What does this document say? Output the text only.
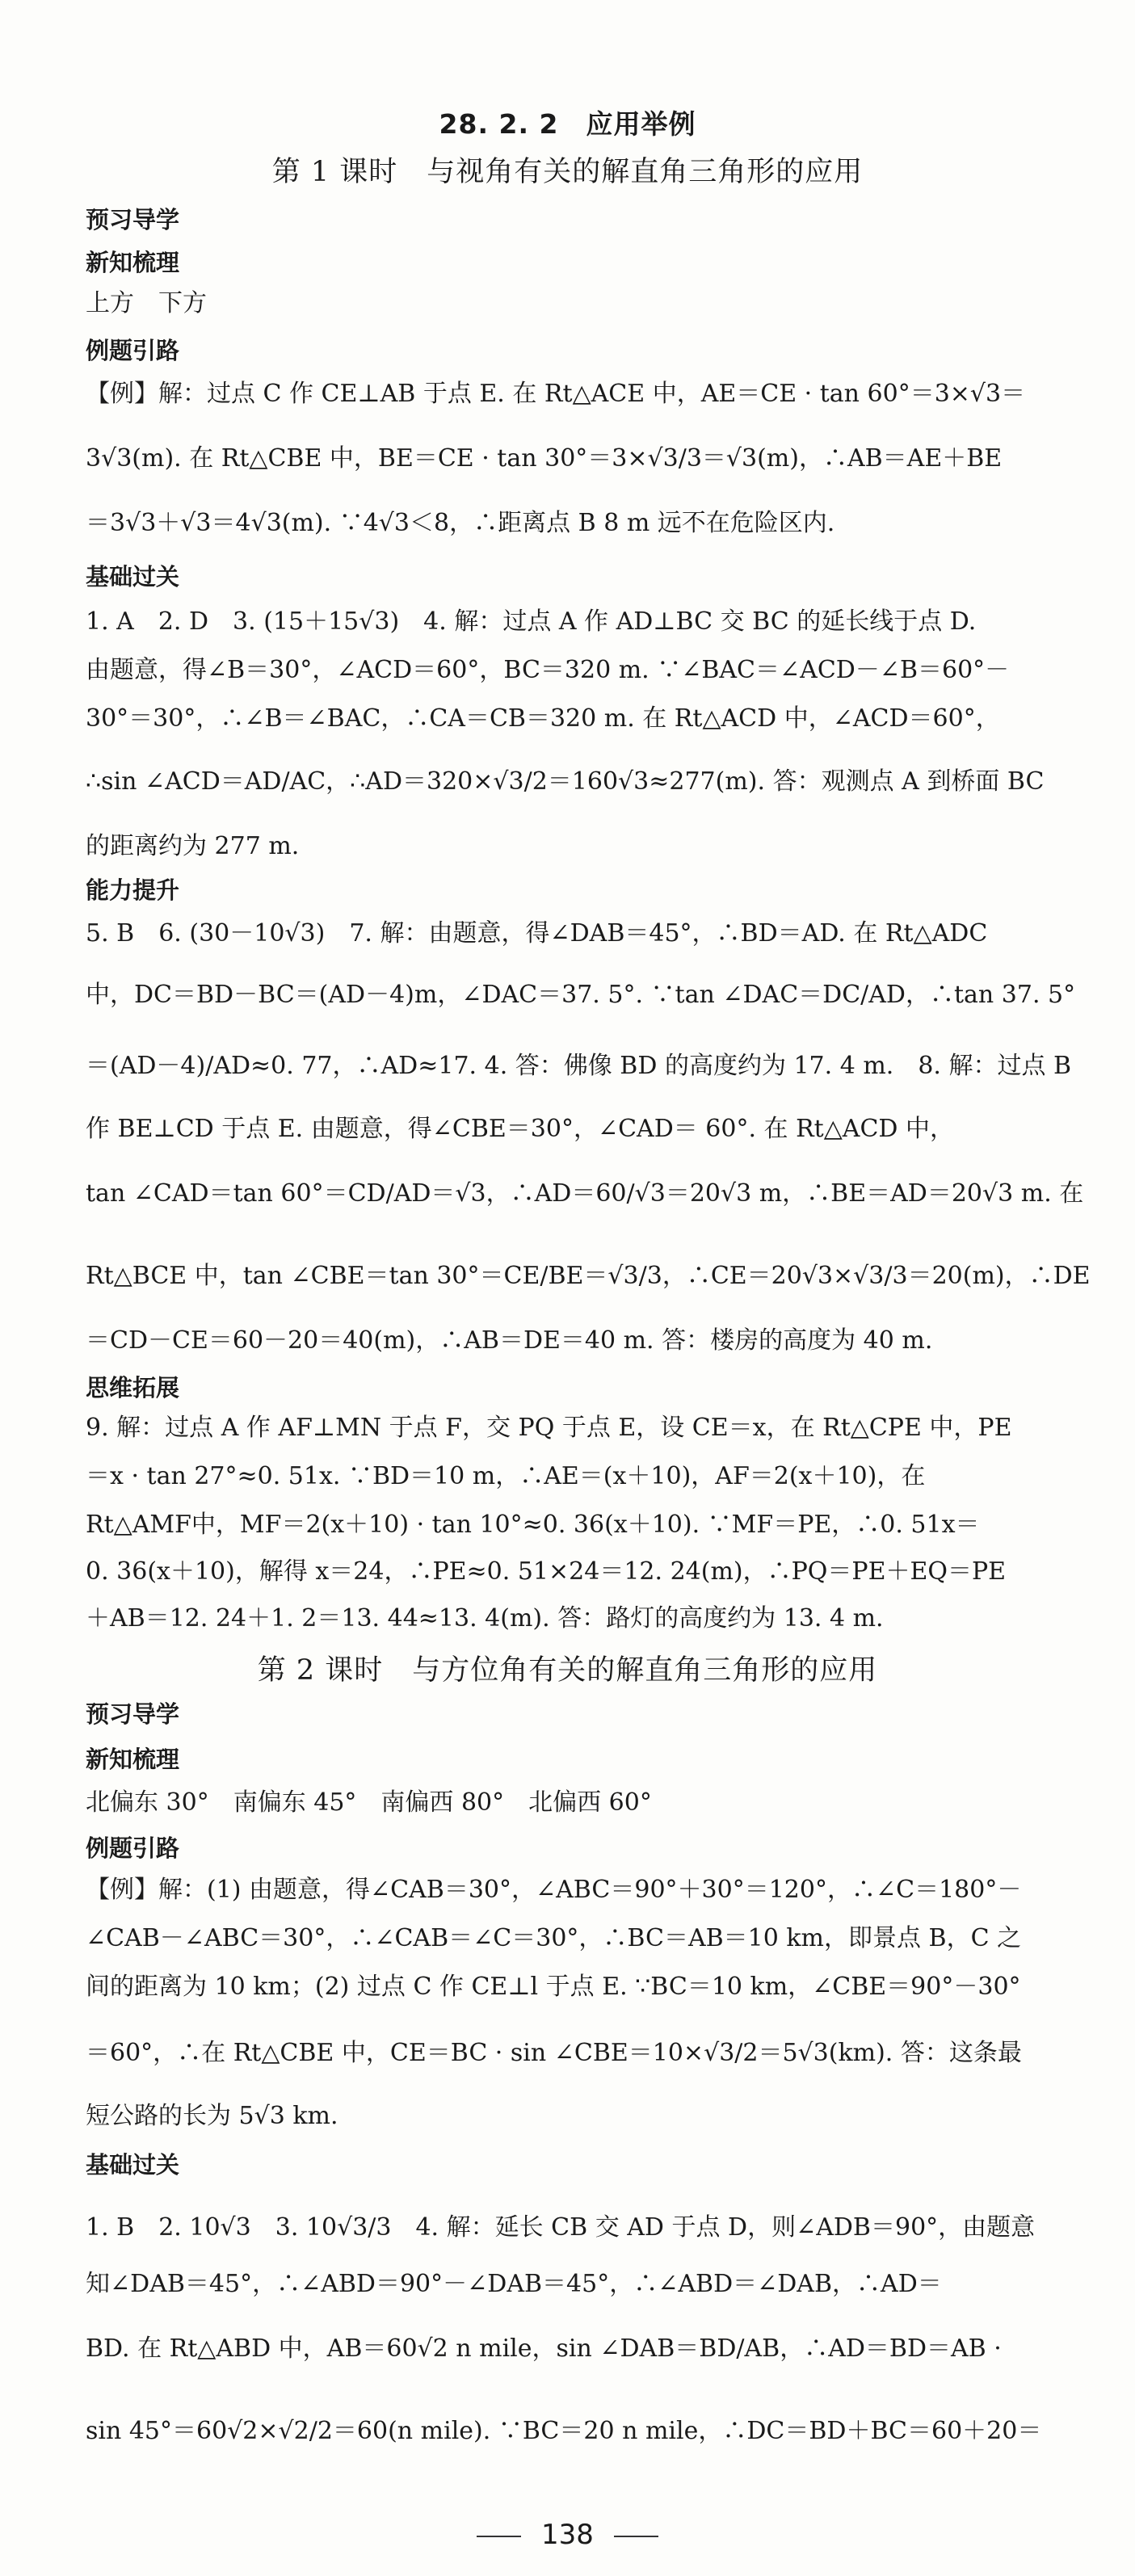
28. 2. 2　应用举例
第 1 课时　与视角有关的解直角三角形的应用
预习导学
新知梳理
上方　下方
例题引路
【例】解：过点 C 作 CE⊥AB 于点 E. 在 Rt△ACE 中，AE＝CE · tan 60°＝3×√3＝
3√3(m). 在 Rt△CBE 中，BE＝CE · tan 30°＝3×√3/3＝√3(m)，∴AB＝AE＋BE
＝3√3＋√3＝4√3(m). ∵4√3＜8，∴距离点 B 8 m 远不在危险区内.
基础过关
1. A　2. D　3. (15＋15√3)　4. 解：过点 A 作 AD⊥BC 交 BC 的延长线于点 D.
由题意，得∠B＝30°，∠ACD＝60°，BC＝320 m. ∵∠BAC＝∠ACD－∠B＝60°－
30°＝30°，∴∠B＝∠BAC，∴CA＝CB＝320 m. 在 Rt△ACD 中，∠ACD＝60°，
∴sin ∠ACD＝AD/AC，∴AD＝320×√3/2＝160√3≈277(m). 答：观测点 A 到桥面 BC
的距离约为 277 m.
能力提升
5. B　6. (30－10√3)　7. 解：由题意，得∠DAB＝45°，∴BD＝AD. 在 Rt△ADC
中，DC＝BD－BC＝(AD－4)m，∠DAC＝37. 5°. ∵tan ∠DAC＝DC/AD，∴tan 37. 5°
＝(AD－4)/AD≈0. 77，∴AD≈17. 4. 答：佛像 BD 的高度约为 17. 4 m.　8. 解：过点 B
作 BE⊥CD 于点 E. 由题意，得∠CBE＝30°，∠CAD＝ 60°. 在 Rt△ACD 中，
tan ∠CAD＝tan 60°＝CD/AD＝√3，∴AD＝60/√3＝20√3 m，∴BE＝AD＝20√3 m. 在
Rt△BCE 中，tan ∠CBE＝tan 30°＝CE/BE＝√3/3，∴CE＝20√3×√3/3＝20(m)，∴DE
＝CD－CE＝60－20＝40(m)，∴AB＝DE＝40 m. 答：楼房的高度为 40 m.
思维拓展
9. 解：过点 A 作 AF⊥MN 于点 F，交 PQ 于点 E，设 CE＝x，在 Rt△CPE 中，PE
＝x · tan 27°≈0. 51x. ∵BD＝10 m，∴AE＝(x＋10)，AF＝2(x＋10)，在
Rt△AMF中，MF＝2(x＋10) · tan 10°≈0. 36(x＋10). ∵MF＝PE，∴0. 51x＝
0. 36(x＋10)，解得 x＝24，∴PE≈0. 51×24＝12. 24(m)，∴PQ＝PE＋EQ＝PE
＋AB＝12. 24＋1. 2＝13. 44≈13. 4(m). 答：路灯的高度约为 13. 4 m.
第 2 课时　与方位角有关的解直角三角形的应用
预习导学
新知梳理
北偏东 30°　南偏东 45°　南偏西 80°　北偏西 60°
例题引路
【例】解：(1) 由题意，得∠CAB＝30°，∠ABC＝90°＋30°＝120°，∴∠C＝180°－
∠CAB－∠ABC＝30°，∴∠CAB＝∠C＝30°，∴BC＝AB＝10 km，即景点 B，C 之
间的距离为 10 km；(2) 过点 C 作 CE⊥l 于点 E. ∵BC＝10 km，∠CBE＝90°－30°
＝60°，∴在 Rt△CBE 中，CE＝BC · sin ∠CBE＝10×√3/2＝5√3(km). 答：这条最
短公路的长为 5√3 km.
基础过关
1. B　2. 10√3　3. 10√3/3　4. 解：延长 CB 交 AD 于点 D，则∠ADB＝90°，由题意
知∠DAB＝45°，∴∠ABD＝90°－∠DAB＝45°，∴∠ABD＝∠DAB，∴AD＝
BD. 在 Rt△ABD 中，AB＝60√2 n mile，sin ∠DAB＝BD/AB，∴AD＝BD＝AB ·
sin 45°＝60√2×√2/2＝60(n mile). ∵BC＝20 n mile，∴DC＝BD＋BC＝60＋20＝
138
